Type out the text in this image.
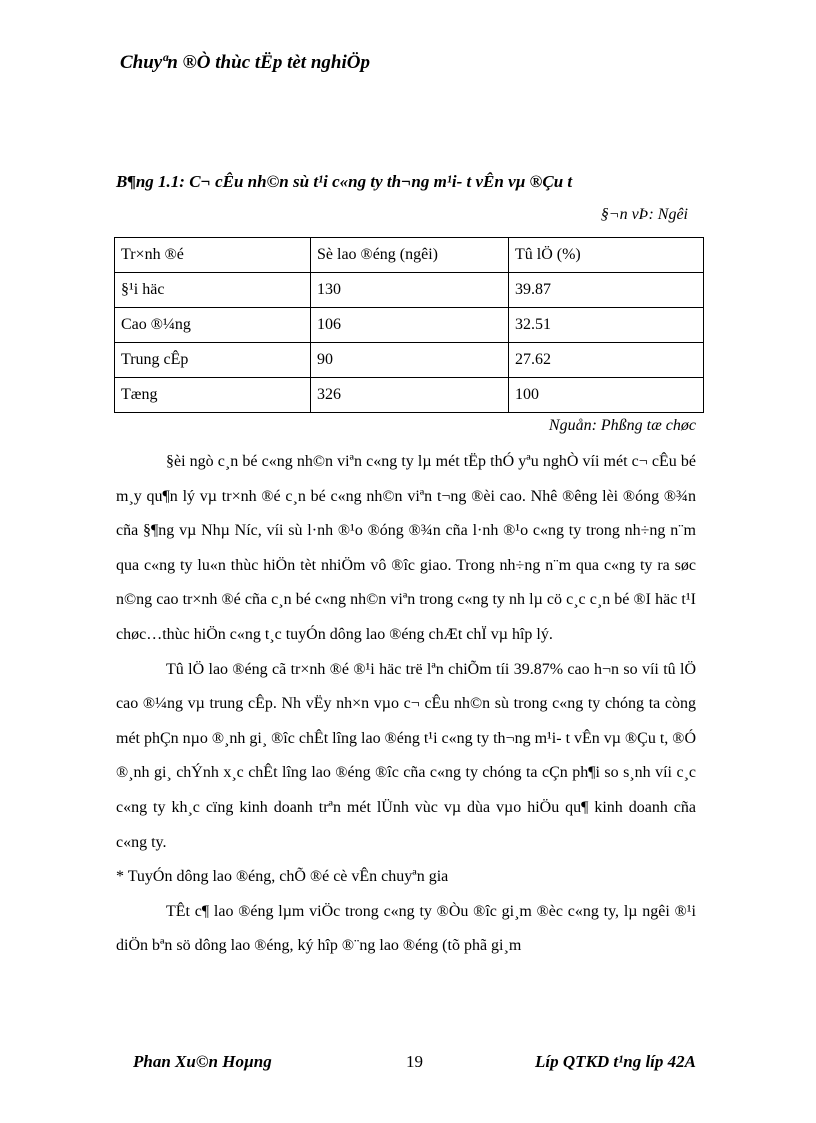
Chuyªn ®Ò thùc tËp tèt nghiÖp
B¶ng 1.1: C¬ cÊu nh©n sù t¹i c«ng ty th¬ng m¹i- t vÊn vµ ®Çu t
§¬n vÞ: Ngêi
Tr×nh ®é	Sè lao ®éng (ngêi)	Tû lÖ (%)
§¹i häc	130	39.87
Cao ®¼ng	106	32.51
Trung cÊp	90	27.62
Tæng	326	100
Nguån: Phßng tæ chøc

§èi ngò c¸n bé c«ng nh©n viªn c«ng ty lµ mét tËp thÓ yªu nghÒ víi mét c¬ cÊu bé m¸y qu¶n lý vµ tr×nh ®é c¸n bé c«ng nh©n viªn t¬ng ®èi cao. Nhê ®êng lèi ®óng ®¾n cña §¶ng vµ Nhµ Níc, víi sù l·nh ®¹o ®óng ®¾n cña l·nh ®¹o c«ng ty trong nh÷ng n¨m qua c«ng ty lu«n thùc hiÖn tèt nhiÖm vô ®îc giao. Trong nh÷ng n¨m qua c«ng ty ra søc n©ng cao tr×nh ®é cña c¸n bé c«ng nh©n viªn trong c«ng ty nh lµ cö c¸c c¸n bé ®I häc t¹I chøc…thùc hiÖn c«ng t¸c tuyÓn dông lao ®éng chÆt chÏ vµ hîp lý.

Tû lÖ lao ®éng cã tr×nh ®é ®¹i häc trë lªn chiÕm tíi 39.87% cao h¬n so víi tû lÖ cao ®¼ng vµ trung cÊp. Nh vËy nh×n vµo c¬ cÊu nh©n sù trong c«ng ty chóng ta còng mét phÇn nµo ®¸nh gi¸ ®îc chÊt lîng lao ®éng t¹i c«ng ty th¬ng m¹i- t vÊn vµ ®Çu t, ®Ó ®¸nh gi¸ chÝnh x¸c chÊt lîng lao ®éng ®îc cña c«ng ty chóng ta cÇn ph¶i so s¸nh víi c¸c c«ng ty kh¸c cïng kinh doanh trªn mét lÜnh vùc vµ dùa vµo hiÖu qu¶ kinh doanh cña c«ng ty.

* TuyÓn dông lao ®éng, chÕ ®é cè vÊn chuyªn gia

TÊt c¶ lao ®éng lµm viÖc trong c«ng ty ®Òu ®îc gi¸m ®èc c«ng ty, lµ ngêi ®¹i diÖn bªn sö dông lao ®éng, ký hîp ®¨ng lao ®éng (tõ phã gi¸m

Phan Xu©n Hoµng	19	Líp QTKD t¹ng líp 42A
